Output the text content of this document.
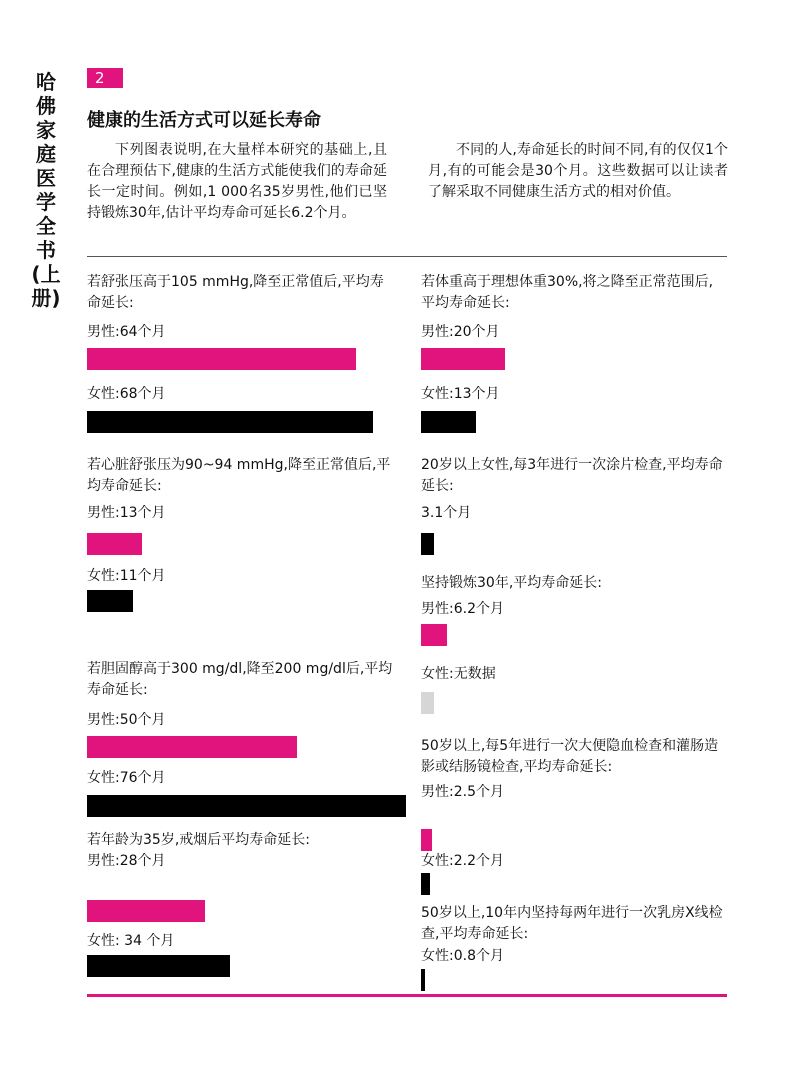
哈佛家庭医学全书(上册)
2
健康的生活方式可以延长寿命
下列图表说明,在大量样本研究的基础上,且在合理预估下,健康的生活方式能使我们的寿命延长一定时间。例如,1 000名35岁男性,他们已坚持锻炼30年,估计平均寿命可延长6.2个月。
不同的人,寿命延长的时间不同,有的仅仅1个月,有的可能会是30个月。这些数据可以让读者了解采取不同健康生活方式的相对价值。
若舒张压高于105 mmHg,降至正常值后,平均寿命延长:
男性:64个月
女性:68个月
若心脏舒张压为90~94 mmHg,降至正常值后,平均寿命延长:
男性:13个月
女性:11个月
若胆固醇高于300 mg/dl,降至200 mg/dl后,平均寿命延长:
男性:50个月
女性:76个月
若年龄为35岁,戒烟后平均寿命延长:
男性:28个月
女性: 34 个月
若体重高于理想体重30%,将之降至正常范围后,平均寿命延长:
男性:20个月
女性:13个月
20岁以上女性,每3年进行一次涂片检查,平均寿命延长:
3.1个月
坚持锻炼30年,平均寿命延长:
男性:6.2个月
女性:无数据
50岁以上,每5年进行一次大便隐血检查和灌肠造影或结肠镜检查,平均寿命延长:
男性:2.5个月
女性:2.2个月
50岁以上,10年内坚持每两年进行一次乳房X线检查,平均寿命延长:
女性:0.8个月
